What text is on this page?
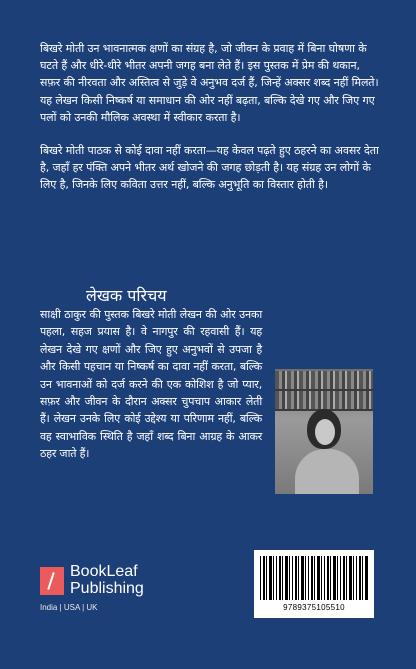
बिखरे मोती उन भावनात्मक क्षणों का संग्रह है, जो जीवन के प्रवाह में बिना घोषणा के घटते हैं और धीरे-धीरे भीतर अपनी जगह बना लेते हैं। इस पुस्तक में प्रेम की थकान, सफ़र की नीरवता और अस्तित्व से जुड़े वे अनुभव दर्ज हैं, जिन्हें अक्सर शब्द नहीं मिलते। यह लेखन किसी निष्कर्ष या समाधान की ओर नहीं बढ़ता, बल्कि देखे गए और जिए गए पलों को उनकी मौलिक अवस्था में स्वीकार करता है।

बिखरे मोती पाठक से कोई दावा नहीं करता—यह केवल पढ़ते हुए ठहरने का अवसर देता है, जहाँ हर पंक्ति अपने भीतर अर्थ खोजने की जगह छोड़ती है। यह संग्रह उन लोगों के लिए है, जिनके लिए कविता उत्तर नहीं, बल्कि अनुभूति का विस्तार होती है।

लेखक परिचय
साक्षी ठाकुर की पुस्तक बिखरे मोती लेखन की ओर उनका पहला, सहज प्रयास है। वे नागपुर की रहवासी हैं। यह लेखन देखे गए क्षणों और जिए हुए अनुभवों से उपजा है और किसी पहचान या निष्कर्ष का दावा नहीं करता, बल्कि उन भावनाओं को दर्ज करने की एक कोशिश है जो प्यार, सफ़र और जीवन के दौरान अक्सर चुपचाप आकार लेती हैं। लेखन उनके लिए कोई उद्देश्य या परिणाम नहीं, बल्कि वह स्वाभाविक स्थिति है जहाँ शब्द बिना आग्रह के आकर ठहर जाते हैं।
BookLeaf
Publishing
India | USA | UK	9789375105510
